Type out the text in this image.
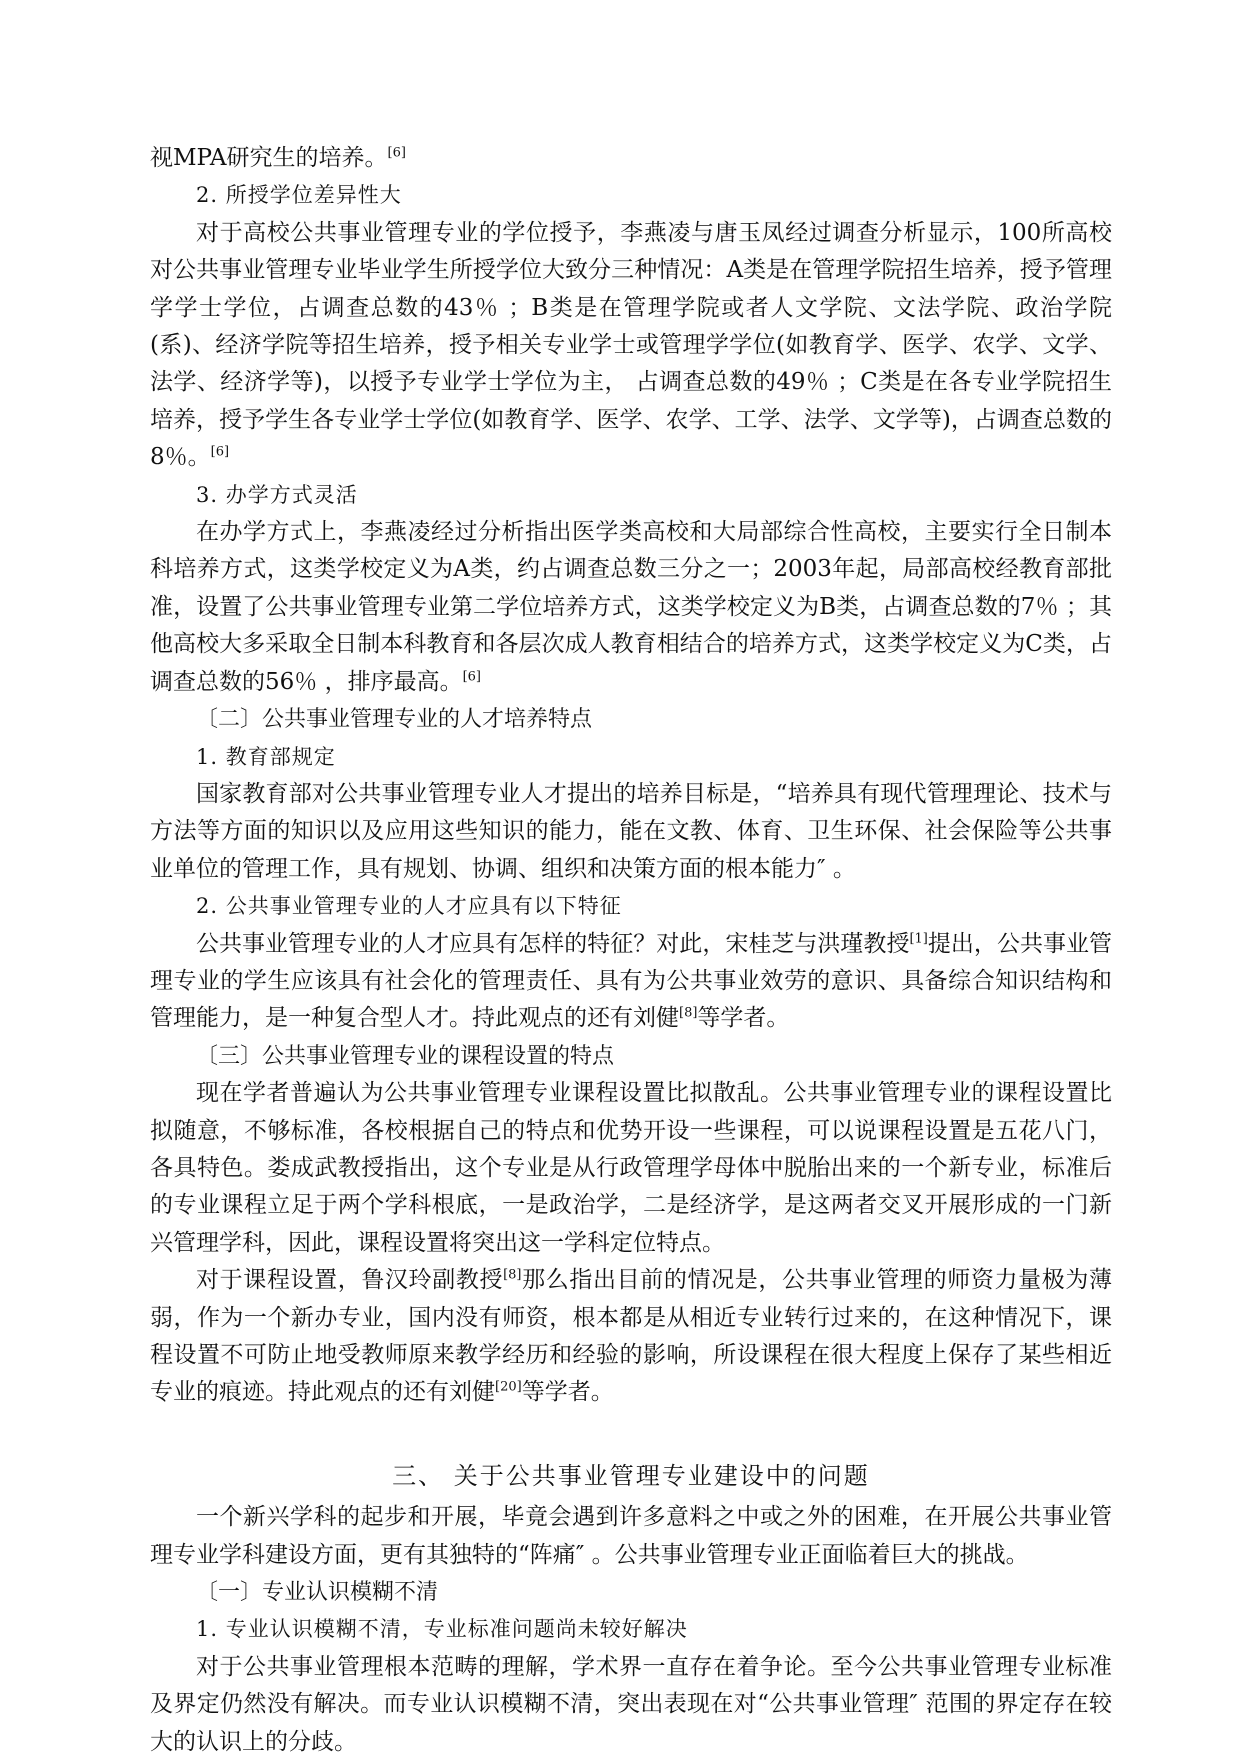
视MPA研究生的培养。[6]

2. 所授学位差异性大

对于高校公共事业管理专业的学位授予，李燕凌与唐玉凤经过调查分析显示，100所高校对公共事业管理专业毕业学生所授学位大致分三种情况：A类是在管理学院招生培养，授予管理学学士学位，占调查总数的43％ ；B类是在管理学院或者人文学院、文法学院、政治学院(系)、经济学院等招生培养，授予相关专业学士或管理学学位(如教育学、医学、农学、文学、法学、经济学等)，以授予专业学士学位为主， 占调查总数的49％ ；C类是在各专业学院招生培养，授予学生各专业学士学位(如教育学、医学、农学、工学、法学、文学等)，占调查总数的8％。[6]

3. 办学方式灵活

在办学方式上，李燕凌经过分析指出医学类高校和大局部综合性高校，主要实行全日制本科培养方式，这类学校定义为A类，约占调查总数三分之一；2003年起，局部高校经教育部批准，设置了公共事业管理专业第二学位培养方式，这类学校定义为B类，占调查总数的7％ ；其他高校大多采取全日制本科教育和各层次成人教育相结合的培养方式，这类学校定义为C类，占调查总数的56％ ，排序最高。[6]

〔二〕公共事业管理专业的人才培养特点

1. 教育部规定

国家教育部对公共事业管理专业人才提出的培养目标是，“培养具有现代管理理论、技术与方法等方面的知识以及应用这些知识的能力，能在文教、体育、卫生环保、社会保险等公共事业单位的管理工作，具有规划、协调、组织和决策方面的根本能力″ 。

2. 公共事业管理专业的人才应具有以下特征

公共事业管理专业的人才应具有怎样的特征？对此，宋桂芝与洪瑾教授[1]提出，公共事业管理专业的学生应该具有社会化的管理责任、具有为公共事业效劳的意识、具备综合知识结构和管理能力，是一种复合型人才。持此观点的还有刘健[8]等学者。

〔三〕公共事业管理专业的课程设置的特点

现在学者普遍认为公共事业管理专业课程设置比拟散乱。公共事业管理专业的课程设置比拟随意，不够标准，各校根据自己的特点和优势开设一些课程，可以说课程设置是五花八门，各具特色。娄成武教授指出，这个专业是从行政管理学母体中脱胎出来的一个新专业，标准后的专业课程立足于两个学科根底，一是政治学，二是经济学，是这两者交叉开展形成的一门新兴管理学科，因此，课程设置将突出这一学科定位特点。

对于课程设置，鲁汉玲副教授[8]那么指出目前的情况是，公共事业管理的师资力量极为薄弱，作为一个新办专业，国内没有师资，根本都是从相近专业转行过来的，在这种情况下，课程设置不可防止地受教师原来教学经历和经验的影响，所设课程在很大程度上保存了某些相近专业的痕迹。持此观点的还有刘健[20]等学者。

三、 关于公共事业管理专业建设中的问题

一个新兴学科的起步和开展，毕竟会遇到许多意料之中或之外的困难，在开展公共事业管理专业学科建设方面，更有其独特的“阵痛″ 。公共事业管理专业正面临着巨大的挑战。

〔一〕专业认识模糊不清

1. 专业认识模糊不清，专业标准问题尚未较好解决

对于公共事业管理根本范畴的理解，学术界一直存在着争论。至今公共事业管理专业标准及界定仍然没有解决。而专业认识模糊不清，突出表现在对“公共事业管理″ 范围的界定存在较大的认识上的分歧。
